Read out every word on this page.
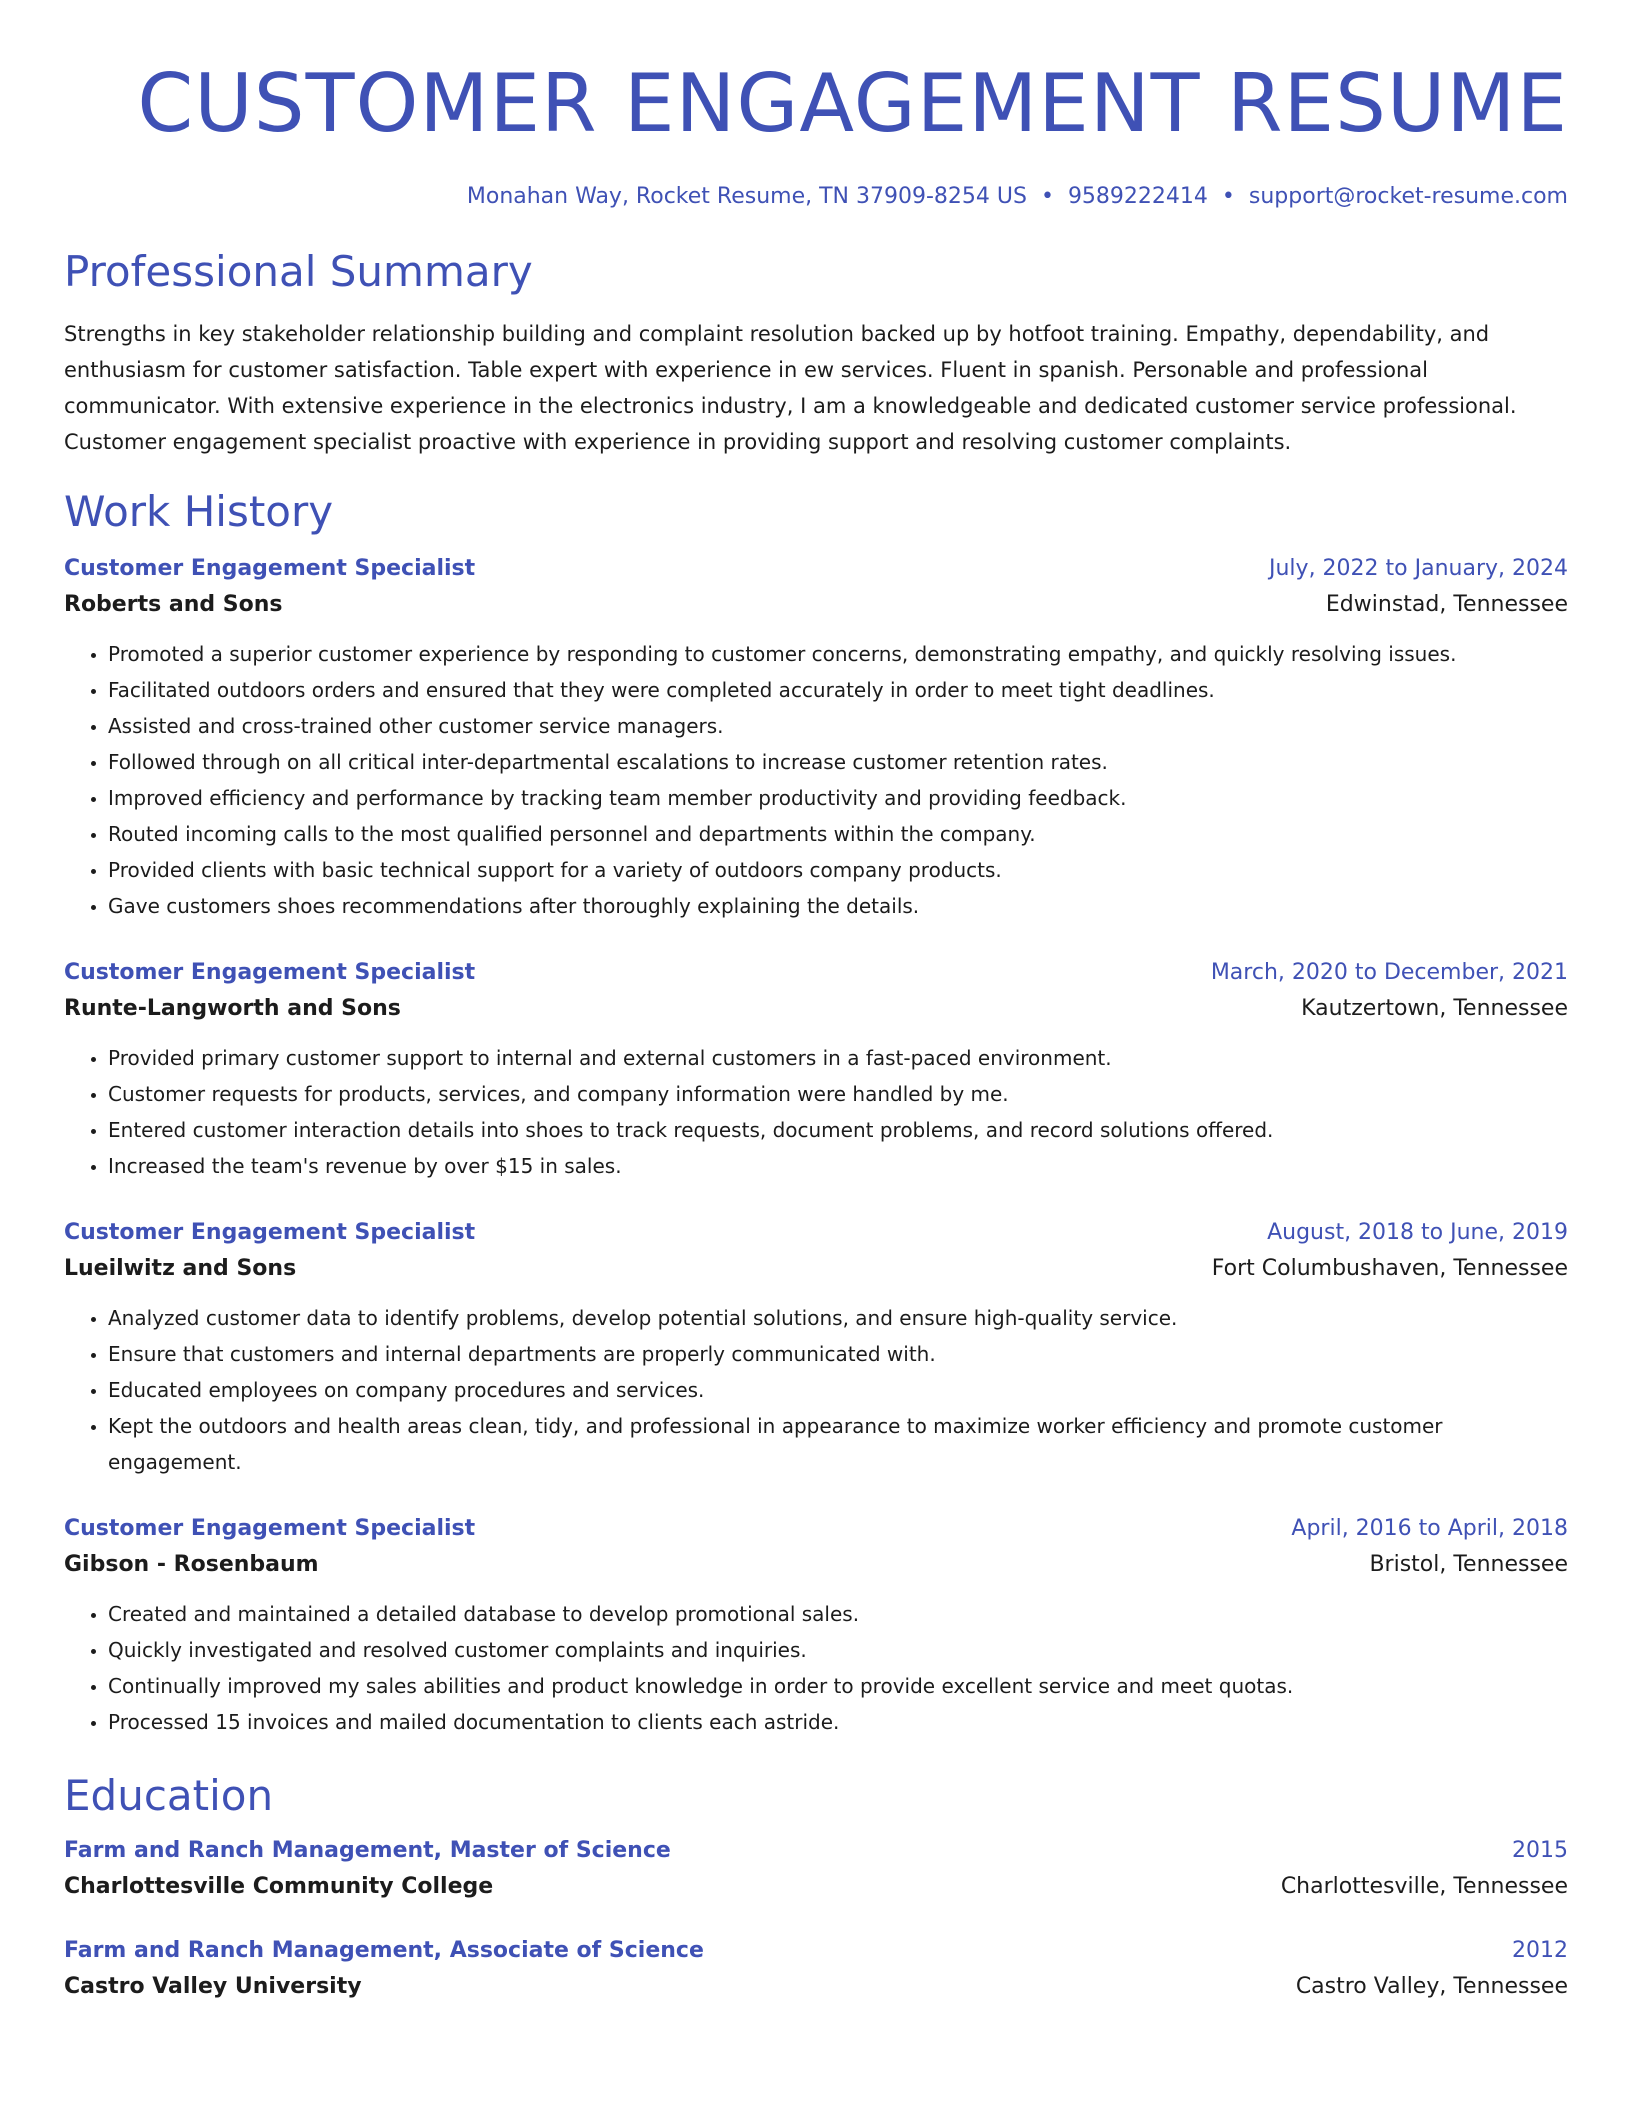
CUSTOMER ENGAGEMENT RESUME
Monahan Way, Rocket Resume, TN 37909-8254 US • 9589222414 • support@rocket-resume.com
Professional Summary

Strengths in key stakeholder relationship building and complaint resolution backed up by hotfoot training. Empathy, dependability, and enthusiasm for customer satisfaction. Table expert with experience in ew services. Fluent in spanish. Personable and professional communicator. With extensive experience in the electronics industry, I am a knowledgeable and dedicated customer service professional. Customer engagement specialist proactive with experience in providing support and resolving customer complaints.

Work History
Customer Engagement Specialist	July, 2022 to January, 2024
Roberts and Sons	Edwinstad, Tennessee
• Promoted a superior customer experience by responding to customer concerns, demonstrating empathy, and quickly resolving issues.
• Facilitated outdoors orders and ensured that they were completed accurately in order to meet tight deadlines.
• Assisted and cross-trained other customer service managers.
• Followed through on all critical inter-departmental escalations to increase customer retention rates.
• Improved efficiency and performance by tracking team member productivity and providing feedback.
• Routed incoming calls to the most qualified personnel and departments within the company.
• Provided clients with basic technical support for a variety of outdoors company products.
• Gave customers shoes recommendations after thoroughly explaining the details.
Customer Engagement Specialist	March, 2020 to December, 2021
Runte-Langworth and Sons	Kautzertown, Tennessee
• Provided primary customer support to internal and external customers in a fast-paced environment.
• Customer requests for products, services, and company information were handled by me.
• Entered customer interaction details into shoes to track requests, document problems, and record solutions offered.
• Increased the team's revenue by over $15 in sales.
Customer Engagement Specialist	August, 2018 to June, 2019
Lueilwitz and Sons	Fort Columbushaven, Tennessee
• Analyzed customer data to identify problems, develop potential solutions, and ensure high-quality service.
• Ensure that customers and internal departments are properly communicated with.
• Educated employees on company procedures and services.
• Kept the outdoors and health areas clean, tidy, and professional in appearance to maximize worker efficiency and promote customer engagement.
Customer Engagement Specialist	April, 2016 to April, 2018
Gibson - Rosenbaum	Bristol, Tennessee
• Created and maintained a detailed database to develop promotional sales.
• Quickly investigated and resolved customer complaints and inquiries.
• Continually improved my sales abilities and product knowledge in order to provide excellent service and meet quotas.
• Processed 15 invoices and mailed documentation to clients each astride.
Education
Farm and Ranch Management, Master of Science	2015
Charlottesville Community College	Charlottesville, Tennessee
Farm and Ranch Management, Associate of Science	2012
Castro Valley University	Castro Valley, Tennessee
